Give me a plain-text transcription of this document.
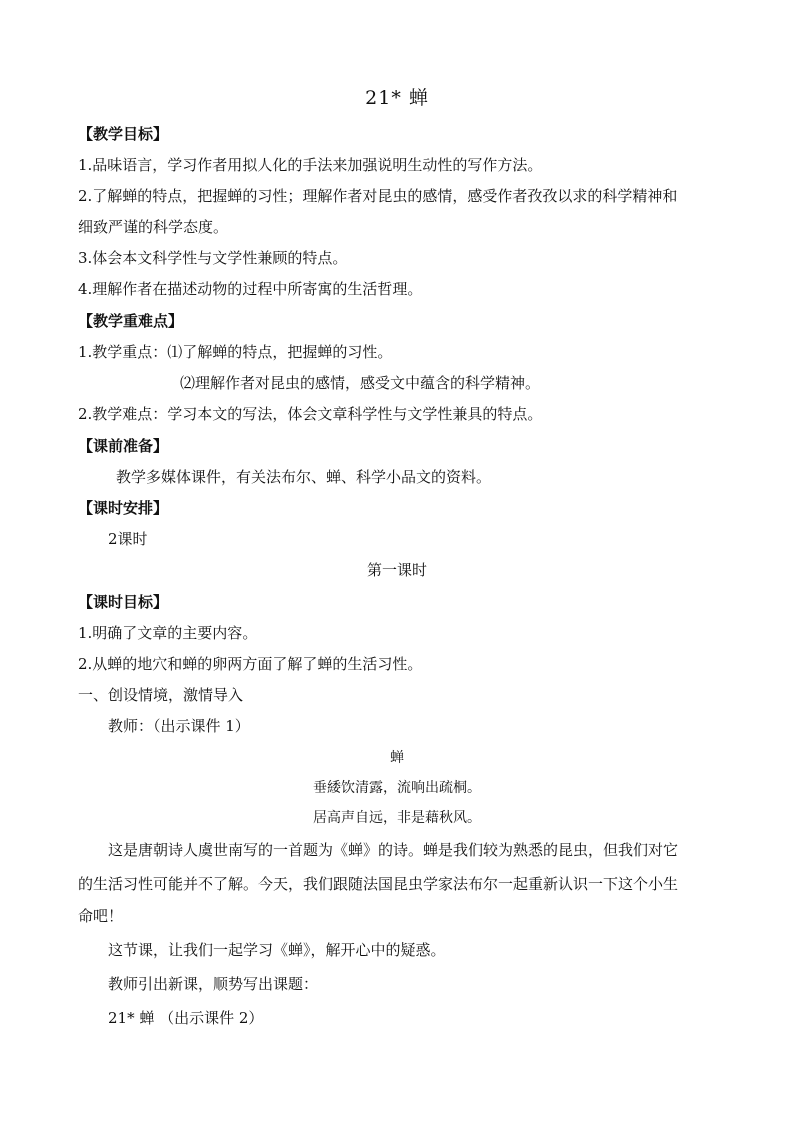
21* 蝉
【教学目标】
1.品味语言，学习作者用拟人化的手法来加强说明生动性的写作方法。
2.了解蝉的特点，把握蝉的习性；理解作者对昆虫的感情，感受作者孜孜以求的科学精神和
细致严谨的科学态度。
3.体会本文科学性与文学性兼顾的特点。
4.理解作者在描述动物的过程中所寄寓的生活哲理。
【教学重难点】
1.教学重点：⑴了解蝉的特点，把握蝉的习性。
⑵理解作者对昆虫的感情，感受文中蕴含的科学精神。
2.教学难点：学习本文的写法，体会文章科学性与文学性兼具的特点。
【课前准备】
教学多媒体课件，有关法布尔、蝉、科学小品文的资料。
【课时安排】
2课时
第一课时
【课时目标】
1.明确了文章的主要内容。
2.从蝉的地穴和蝉的卵两方面了解了蝉的生活习性。
一、创设情境，激情导入
教师：（出示课件 1）
蝉
垂緌饮清露，流响出疏桐。
居高声自远，非是藉秋风。
这是唐朝诗人虞世南写的一首题为《蝉》的诗。蝉是我们较为熟悉的昆虫，但我们对它
的生活习性可能并不了解。今天，我们跟随法国昆虫学家法布尔一起重新认识一下这个小生
命吧！
这节课，让我们一起学习《蝉》，解开心中的疑惑。
教师引出新课，顺势写出课题：
21* 蝉 （出示课件 2）
